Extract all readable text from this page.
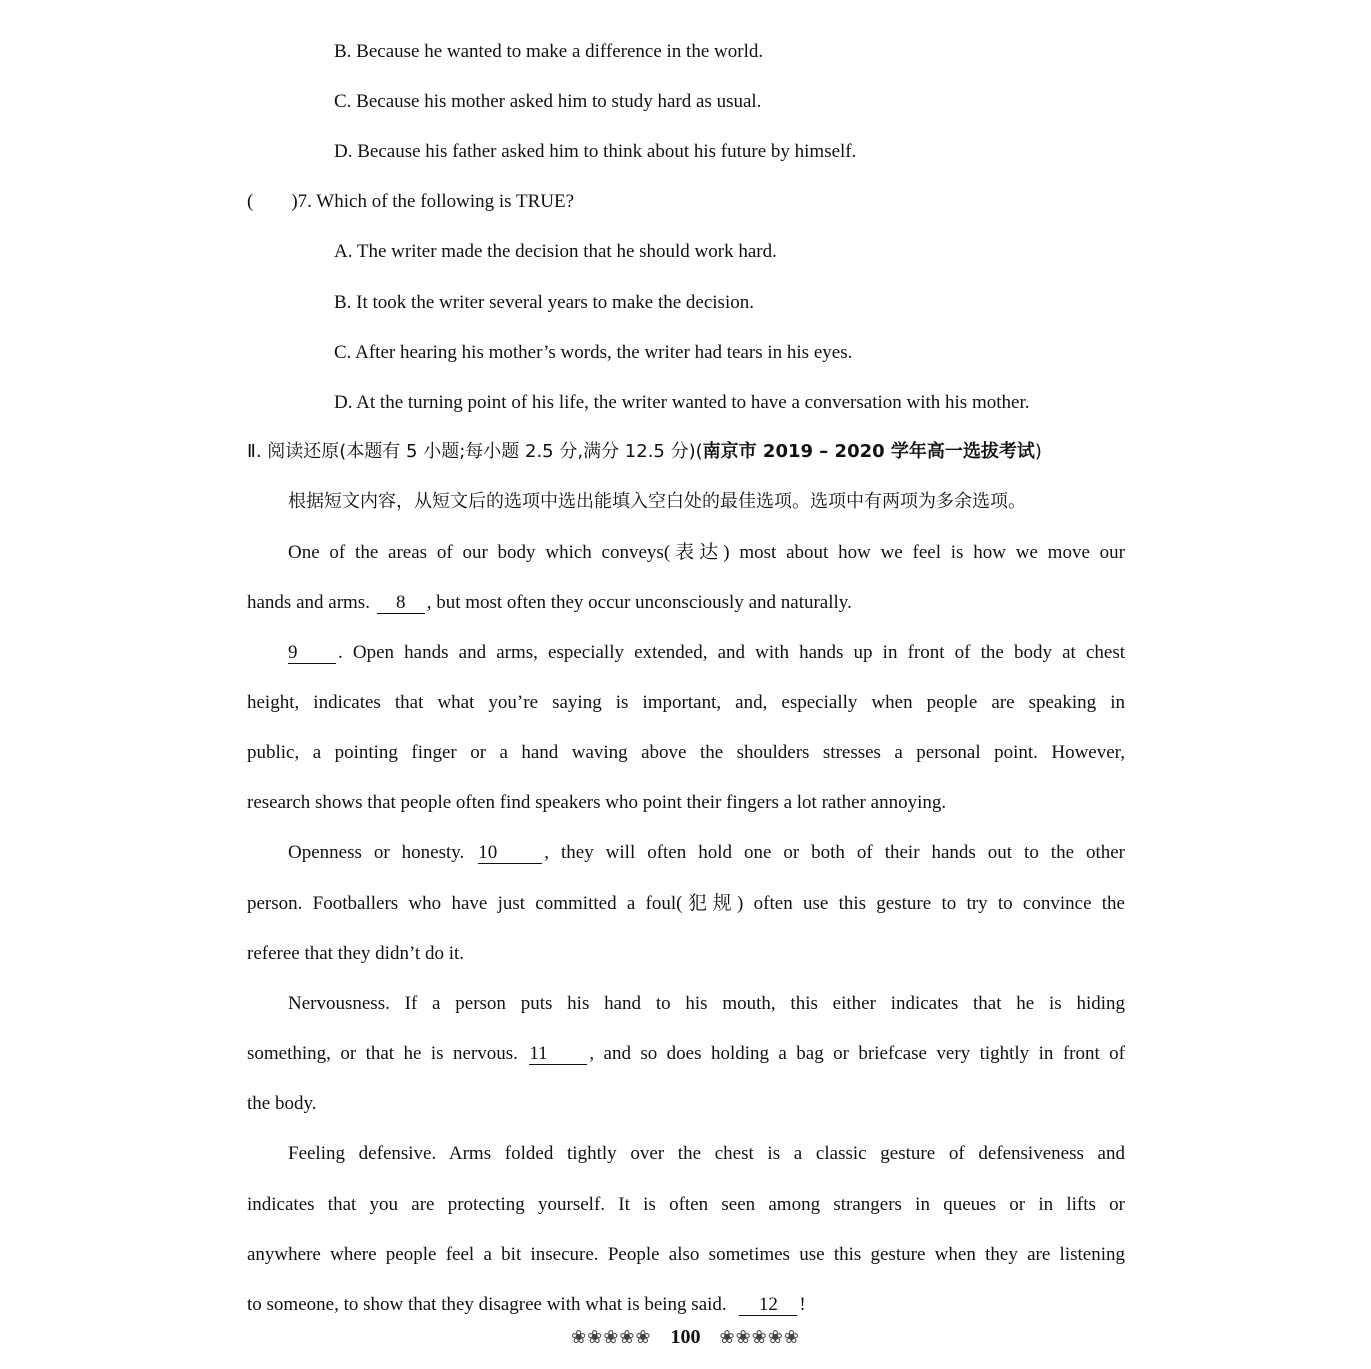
B. Because he wanted to make a difference in the world.
C. Because his mother asked him to study hard as usual.
D. Because his father asked him to think about his future by himself.
(        )7. Which of the following is TRUE?
A. The writer made the decision that he should work hard.
B. It took the writer several years to make the decision.
C. After hearing his mother’s words, the writer had tears in his eyes.
D. At the turning point of his life, the writer wanted to have a conversation with his mother.
Ⅱ. 阅读还原(本题有 5 小题;每小题 2.5 分,满分 12.5 分)(南京市 2019 – 2020 学年高一选拔考试)
根据短文内容，从短文后的选项中选出能填入空白处的最佳选项。选项中有两项为多余选项。
One of the areas of our body which conveys(表达) most about how we feel is how we move our
hands and arms. 8 , but most often they occur unconsciously and naturally.
9 . Open hands and arms, especially extended, and with hands up in front of the body at chest
height, indicates that what you’re saying is important, and, especially when people are speaking in
public, a pointing finger or a hand waving above the shoulders stresses a personal point. However,
research shows that people often find speakers who point their fingers a lot rather annoying.
Openness or honesty. 10 , they will often hold one or both of their hands out to the other
person. Footballers who have just committed a foul(犯规) often use this gesture to try to convince the
referee that they didn’t do it.
Nervousness. If a person puts his hand to his mouth, this either indicates that he is hiding
something, or that he is nervous. 11 , and so does holding a bag or briefcase very tightly in front of
the body.
Feeling defensive. Arms folded tightly over the chest is a classic gesture of defensiveness and
indicates that you are protecting yourself. It is often seen among strangers in queues or in lifts or
anywhere where people feel a bit insecure. People also sometimes use this gesture when they are listening
to someone, to show that they disagree with what is being said. 12 !
❀❀❀❀❀ 100 ❀❀❀❀❀
